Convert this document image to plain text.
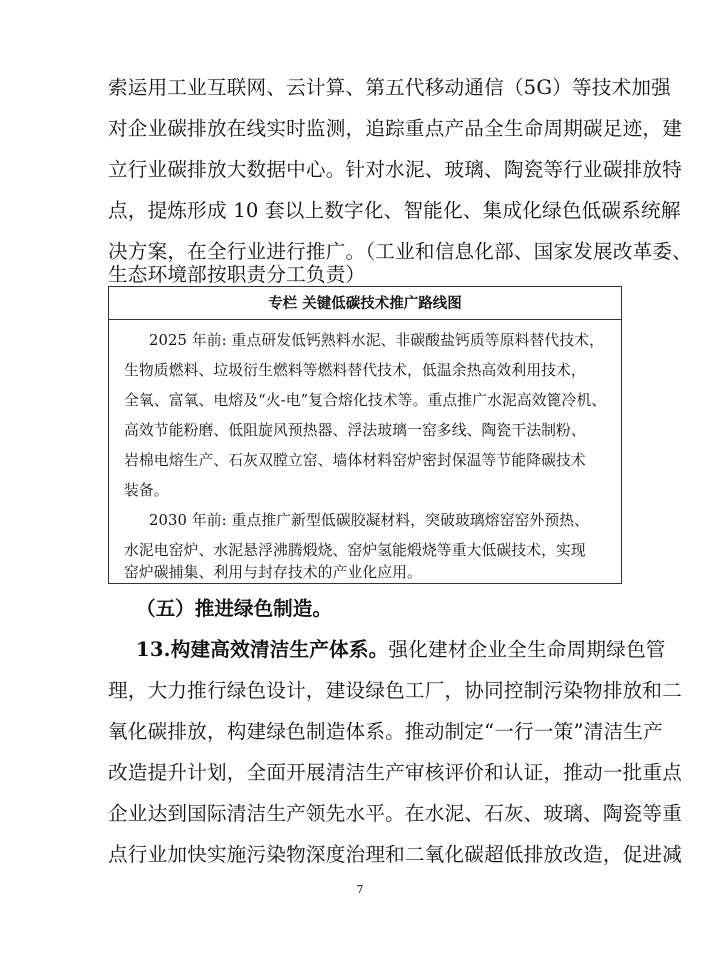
索运用工业互联网、云计算、第五代移动通信（5G）等技术加强
对企业碳排放在线实时监测，追踪重点产品全生命周期碳足迹，建
立行业碳排放大数据中心。针对水泥、玻璃、陶瓷等行业碳排放特
点，提炼形成 10 套以上数字化、智能化、集成化绿色低碳系统解
决方案，在全行业进行推广。（工业和信息化部、国家发展改革委、
生态环境部按职责分工负责）
专栏 关键低碳技术推广路线图
2025 年前: 重点研发低钙熟料水泥、非碳酸盐钙质等原料替代技术，
生物质燃料、垃圾衍生燃料等燃料替代技术，低温余热高效利用技术，
全氧、富氧、电熔及“火-电”复合熔化技术等。重点推广水泥高效篦冷机、
高效节能粉磨、低阻旋风预热器、浮法玻璃一窑多线、陶瓷干法制粉、
岩棉电熔生产、石灰双膛立窑、墙体材料窑炉密封保温等节能降碳技术
装备。
2030 年前: 重点推广新型低碳胶凝材料，突破玻璃熔窑窑外预热、
水泥电窑炉、水泥悬浮沸腾煅烧、窑炉氢能煅烧等重大低碳技术，实现
窑炉碳捕集、利用与封存技术的产业化应用。
（五）推进绿色制造。
13.构建高效清洁生产体系。强化建材企业全生命周期绿色管
理，大力推行绿色设计，建设绿色工厂，协同控制污染物排放和二
氧化碳排放，构建绿色制造体系。推动制定“一行一策”清洁生产
改造提升计划，全面开展清洁生产审核评价和认证，推动一批重点
企业达到国际清洁生产领先水平。在水泥、石灰、玻璃、陶瓷等重
点行业加快实施污染物深度治理和二氧化碳超低排放改造，促进减
7
